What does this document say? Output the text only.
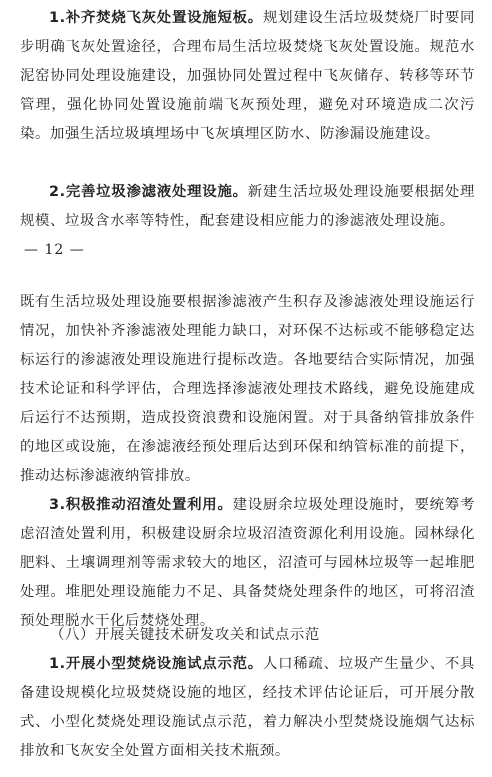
1.补齐焚烧飞灰处置设施短板。规划建设生活垃圾焚烧厂时要同步明确飞灰处置途径，合理布局生活垃圾焚烧飞灰处置设施。规范水泥窑协同处理设施建设，加强协同处置过程中飞灰储存、转移等环节管理，强化协同处置设施前端飞灰预处理，避免对环境造成二次污染。加强生活垃圾填埋场中飞灰填埋区防水、防渗漏设施建设。

2.完善垃圾渗滤液处理设施。新建生活垃圾处理设施要根据处理规模、垃圾含水率等特性，配套建设相应能力的渗滤液处理设施。

— 12 —

既有生活垃圾处理设施要根据渗滤液产生积存及渗滤液处理设施运行情况，加快补齐渗滤液处理能力缺口，对环保不达标或不能够稳定达标运行的渗滤液处理设施进行提标改造。各地要结合实际情况，加强技术论证和科学评估，合理选择渗滤液处理技术路线，避免设施建成后运行不达预期，造成投资浪费和设施闲置。对于具备纳管排放条件的地区或设施，在渗滤液经预处理后达到环保和纳管标准的前提下，推动达标渗滤液纳管排放。

3.积极推动沼渣处置利用。建设厨余垃圾处理设施时，要统筹考虑沼渣处置利用，积极建设厨余垃圾沼渣资源化利用设施。园林绿化肥料、土壤调理剂等需求较大的地区，沼渣可与园林垃圾等一起堆肥处理。堆肥处理设施能力不足、具备焚烧处理条件的地区，可将沼渣预处理脱水干化后焚烧处理。

（八）开展关键技术研发攻关和试点示范

1.开展小型焚烧设施试点示范。人口稀疏、垃圾产生量少、不具备建设规模化垃圾焚烧设施的地区，经技术评估论证后，可开展分散式、小型化焚烧处理设施试点示范，着力解决小型焚烧设施烟气达标排放和飞灰安全处置方面相关技术瓶颈。
